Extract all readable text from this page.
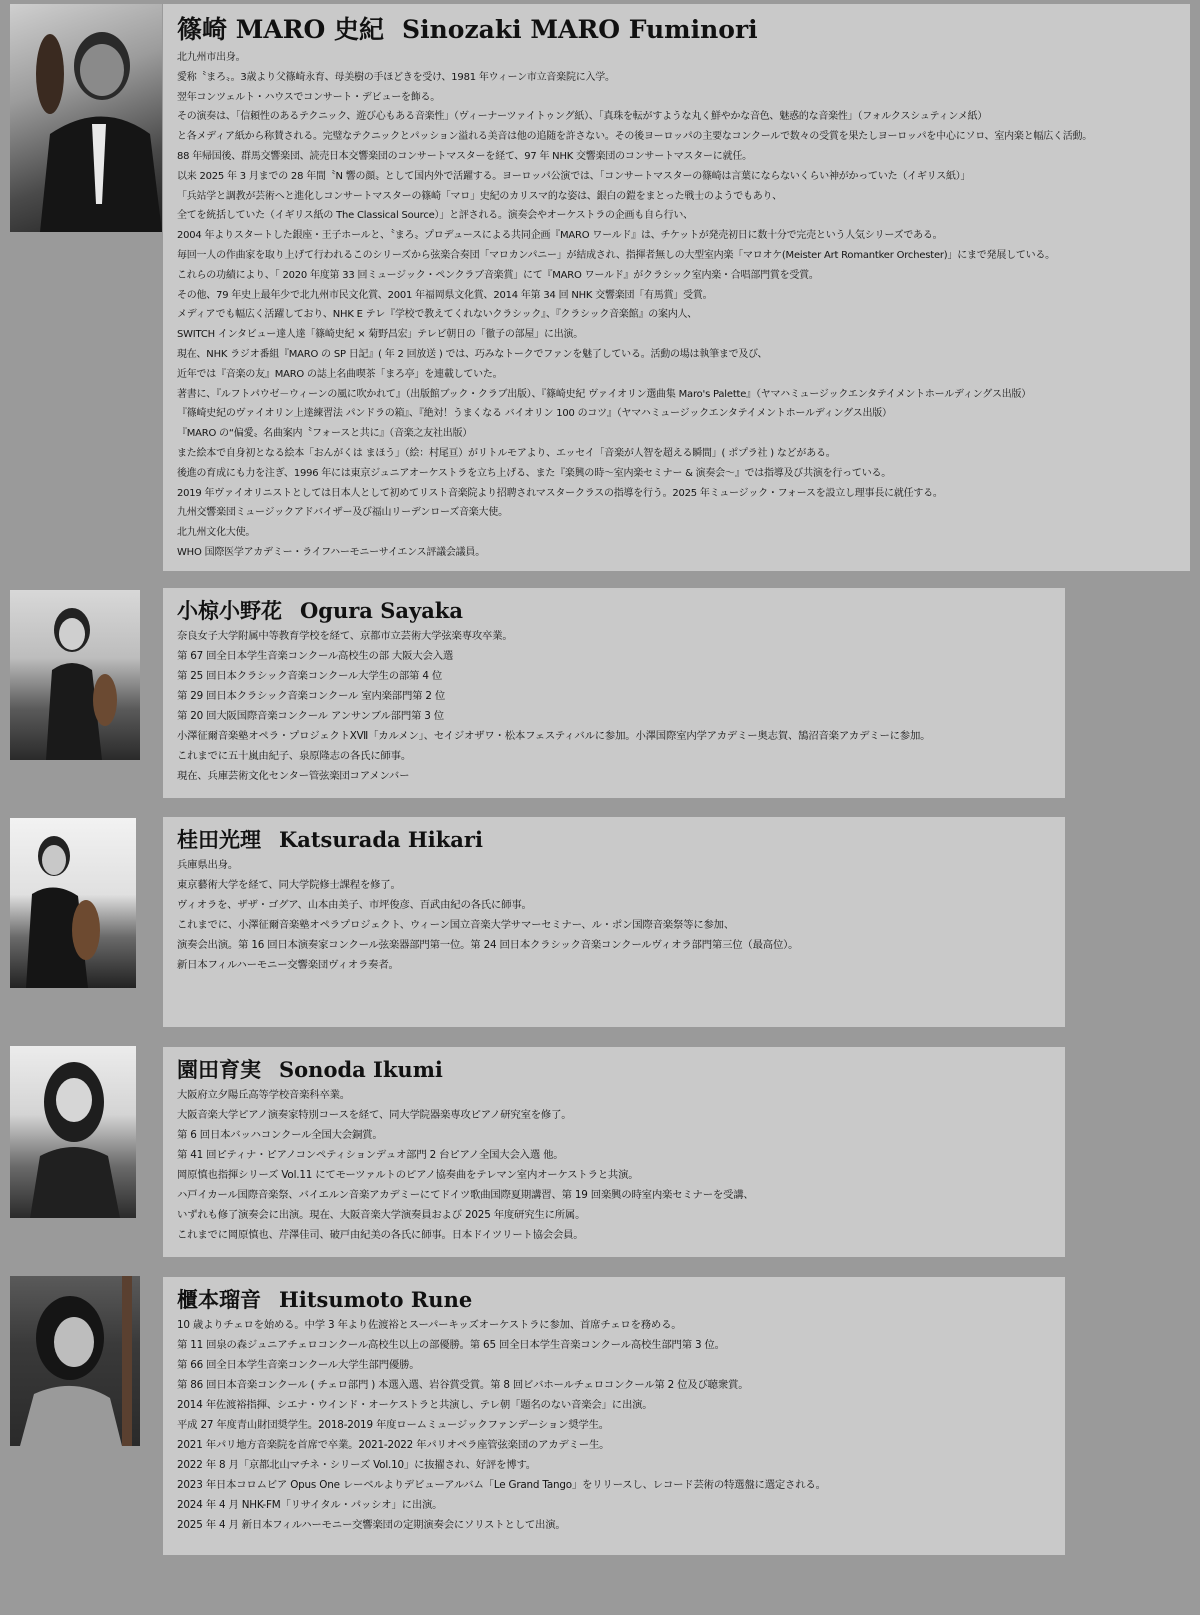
篠崎 MARO 史紀 Sinozaki MARO Fuminori
北九州市出身。
愛称〝まろ〟。3歳より父篠崎永育、母美樹の手ほどきを受け、1981 年ウィーン市立音楽院に入学。
翌年コンツェルト・ハウスでコンサート・デビューを飾る。
その演奏は、「信頼性のあるテクニック、遊び心もある音楽性」（ヴィーナーツァイトゥング紙）、「真珠を転がすような丸く鮮やかな音色、魅惑的な音楽性」（フォルクスシュティンメ紙）
と各メディア紙から称賛される。完璧なテクニックとパッション溢れる美音は他の追随を許さない。その後ヨーロッパの主要なコンクールで数々の受賞を果たしヨーロッパを中心にソロ、室内楽と幅広く活動。
88 年帰国後、群馬交響楽団、読売日本交響楽団のコンサートマスターを経て、97 年 NHK 交響楽団のコンサートマスターに就任。
以来 2025 年 3 月までの 28 年間〝N 響の顔〟として国内外で活躍する。ヨーロッパ公演では、「コンサートマスターの篠崎は言葉にならないくらい神がかっていた（イギリス紙）」
「兵站学と調教が芸術へと進化しコンサートマスターの篠崎「マロ」史紀のカリスマ的な姿は、銀白の鎧をまとった戦士のようでもあり、
全てを統括していた（イギリス紙の The Classical Source）」と評される。演奏会やオーケストラの企画も自ら行い、
2004 年よりスタートした銀座・王子ホールと、〝まろ〟プロデュースによる共同企画『MARO ワールド』は、チケットが発売初日に数十分で完売という人気シリーズである。
毎回一人の作曲家を取り上げて行われるこのシリーズから弦楽合奏団「マロカンパニー」が結成され、指揮者無しの大型室内楽「マロオケ(Meister Art Romantker Orchester)」にまで発展している。
これらの功績により、「 2020 年度第 33 回ミュージック・ペンクラブ音楽賞」にて『MARO ワールド』がクラシック室内楽・合唱部門賞を受賞。
その他、79 年史上最年少で北九州市民文化賞、2001 年福岡県文化賞、2014 年第 34 回 NHK 交響楽団「有馬賞」受賞。
メディアでも幅広く活躍しており、NHK E テレ『学校で教えてくれないクラシック』、『クラシック音楽館』の案内人、
SWITCH インタビュー達人達「篠崎史紀 × 菊野昌宏」テレビ朝日の「徹子の部屋」に出演。
現在、NHK ラジオ番組『MARO の SP 日記』( 年 2 回放送 ) では、巧みなトークでファンを魅了している。活動の場は執筆まで及び、
近年では『音楽の友』MARO の誌上名曲喫茶「まろ亭」を連載していた。
著書に、『ルフトパウゼ－ウィーンの風に吹かれて』（出版館ブック・クラブ出版）、『篠崎史紀 ヴァイオリン選曲集 Maro's Palette』（ヤマハミュージックエンタテイメントホールディングス出版）
『篠崎史紀のヴァイオリン上達練習法 パンドラの箱』、『絶対！うまくなる バイオリン 100 のコツ』（ヤマハミュージックエンタテイメントホールディングス出版）
『MARO の“偏愛〟名曲案内〝フォースと共に』（音楽之友社出版）
また絵本で自身初となる絵本「おんがくは まほう」（絵：村尾亘）がリトルモアより、エッセイ「音楽が人智を超える瞬間」( ポプラ社 ) などがある。
後進の育成にも力を注ぎ、1996 年には東京ジュニアオーケストラを立ち上げる、また『楽興の時～室内楽セミナー & 演奏会～』では指導及び共演を行っている。
2019 年ヴァイオリニストとしては日本人として初めてリスト音楽院より招聘されマスタークラスの指導を行う。2025 年ミュージック・フォースを設立し理事長に就任する。
九州交響楽団ミュージックアドバイザー及び福山リーデンローズ音楽大使。
北九州文化大使。
WHO 国際医学アカデミー・ライフハーモニーサイエンス評議会議員。
小椋小野花 Ogura Sayaka
奈良女子大学附属中等教育学校を経て、京都市立芸術大学弦楽専攻卒業。
第 67 回全日本学生音楽コンクール高校生の部 大阪大会入選
第 25 回日本クラシック音楽コンクール大学生の部第 4 位
第 29 回日本クラシック音楽コンクール 室内楽部門第 2 位
第 20 回大阪国際音楽コンクール アンサンブル部門第 3 位
小澤征爾音楽塾オペラ・プロジェクトⅩⅦ「カルメン」、セイジオザワ・松本フェスティバルに参加。小澤国際室内学アカデミー奥志賀、鵠沼音楽アカデミーに参加。
これまでに五十嵐由紀子、泉原隆志の各氏に師事。
現在、兵庫芸術文化センター管弦楽団コアメンバー
桂田光理 Katsurada Hikari
兵庫県出身。
東京藝術大学を経て、同大学院修士課程を修了。
ヴィオラを、ザザ・ゴグア、山本由美子、市坪俊彦、百武由紀の各氏に師事。
これまでに、小澤征爾音楽塾オペラプロジェクト、ウィーン国立音楽大学サマーセミナー、ル・ポン国際音楽祭等に参加、
演奏会出演。第 16 回日本演奏家コンクール弦楽器部門第一位。第 24 回日本クラシック音楽コンクールヴィオラ部門第三位（最高位）。
新日本フィルハーモニー交響楽団ヴィオラ奏者。
園田育実 Sonoda Ikumi
大阪府立夕陽丘高等学校音楽科卒業。
大阪音楽大学ピアノ演奏家特別コースを経て、同大学院器楽専攻ピアノ研究室を修了。
第 6 回日本バッハコンクール全国大会銅賞。
第 41 回ピティナ・ピアノコンペティションデュオ部門 2 台ピアノ全国大会入選 他。
岡原慎也指揮シリーズ Vol.11 にてモーツァルトのピアノ協奏曲をテレマン室内オーケストラと共演。
ハ戸イカール国際音楽祭、バイエルン音楽アカデミーにてドイツ歌曲国際夏期講習、第 19 回楽興の時室内楽セミナーを受講、
いずれも修了演奏会に出演。現在、大阪音楽大学演奏員および 2025 年度研究生に所属。
これまでに岡原慎也、芹澤佳司、破戸由紀美の各氏に師事。日本ドイツリート協会会員。
櫃本瑠音 Hitsumoto Rune
10 歳よりチェロを始める。中学 3 年より佐渡裕とスーパーキッズオーケストラに参加、首席チェロを務める。
第 11 回泉の森ジュニアチェロコンクール高校生以上の部優勝。第 65 回全日本学生音楽コンクール高校生部門第 3 位。
第 66 回全日本学生音楽コンクール大学生部門優勝。
第 86 回日本音楽コンクール ( チェロ部門 ) 本選入選、岩谷賞受賞。第 8 回ビバホールチェロコンクール第 2 位及び聴衆賞。
2014 年佐渡裕指揮、シエナ・ウインド・オーケストラと共演し、テレ朝「題名のない音楽会」に出演。
平成 27 年度青山財団奨学生。2018-2019 年度ロームミュージックファンデーション奨学生。
2021 年パリ地方音楽院を首席で卒業。2021-2022 年パリオペラ座管弦楽団のアカデミー生。
2022 年 8 月「京都北山マチネ・シリーズ Vol.10」に抜擢され、好評を博す。
2023 年日本コロムビア Opus One レーベルよりデビューアルバム「Le Grand Tango」をリリースし、レコード芸術の特選盤に選定される。
2024 年 4 月 NHK-FM「リサイタル・パッシオ」に出演。
2025 年 4 月 新日本フィルハーモニー交響楽団の定期演奏会にソリストとして出演。
